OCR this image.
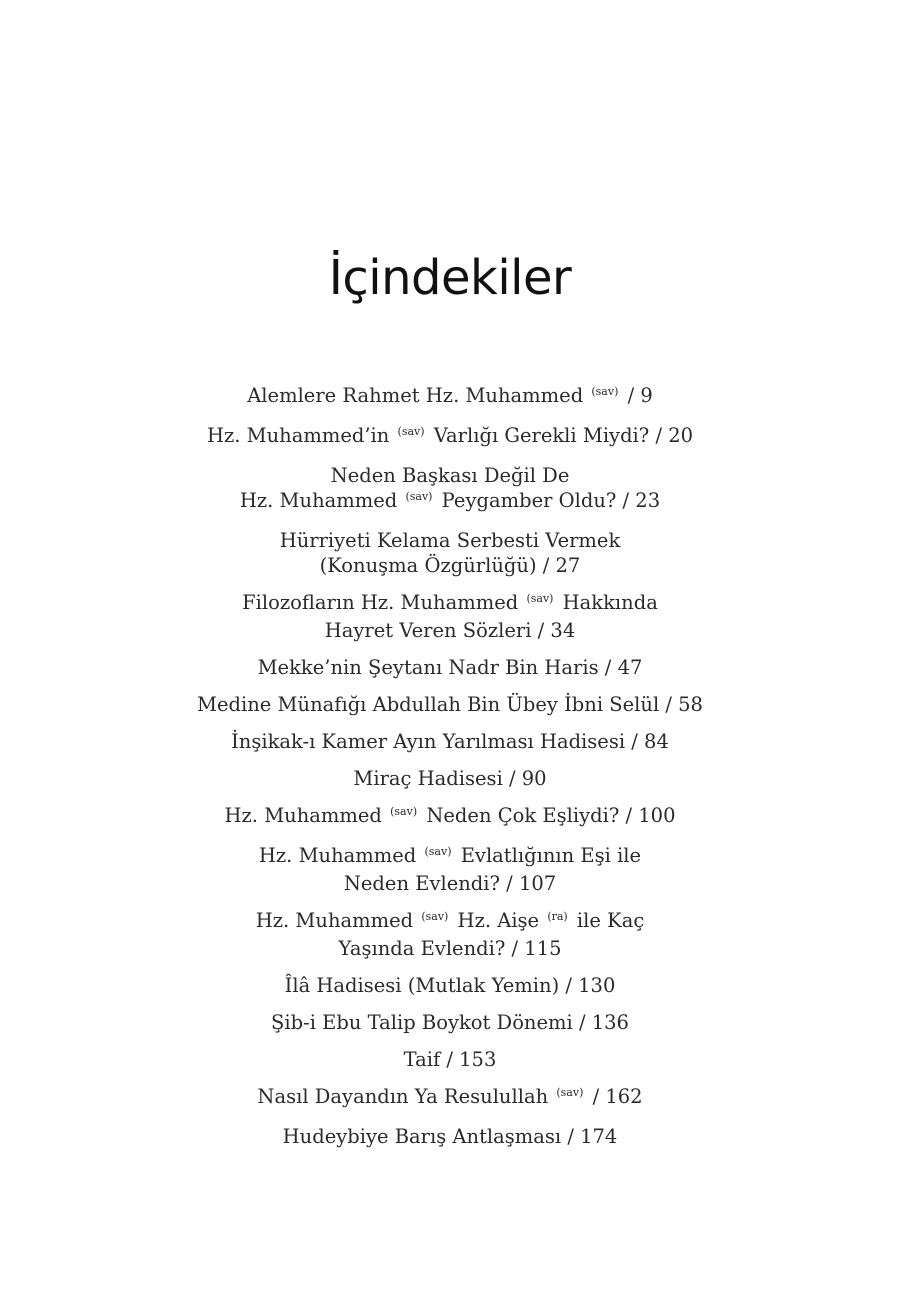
İçindekiler
Alemlere Rahmet Hz. Muhammed $^{(sav)}$ / 9
Hz. Muhammed’in $^{(sav)}$ Varlığı Gerekli Miydi? / 20
Neden Başkası Değil De
Hz. Muhammed $^{(sav)}$ Peygamber Oldu? / 23
Hürriyeti Kelama Serbesti Vermek
(Konuşma Özgürlüğü) / 27
Filozofların Hz. Muhammed $^{(sav)}$ Hakkında
Hayret Veren Sözleri / 34
Mekke’nin Şeytanı Nadr Bin Haris / 47
Medine Münafığı Abdullah Bin Übey İbni Selül / 58
İnşikak-ı Kamer Ayın Yarılması Hadisesi / 84
Miraç Hadisesi / 90
Hz. Muhammed $^{(sav)}$ Neden Çok Eşliydi? / 100
Hz. Muhammed $^{(sav)}$ Evlatlığının Eşi ile
Neden Evlendi? / 107
Hz. Muhammed $^{(sav)}$ Hz. Aişe $^{(ra)}$ ile Kaç
Yaşında Evlendi? / 115
Îlâ Hadisesi (Mutlak Yemin) / 130
Şib-i Ebu Talip Boykot Dönemi / 136
Taif / 153
Nasıl Dayandın Ya Resulullah $^{(sav)}$ / 162
Hudeybiye Barış Antlaşması / 174
